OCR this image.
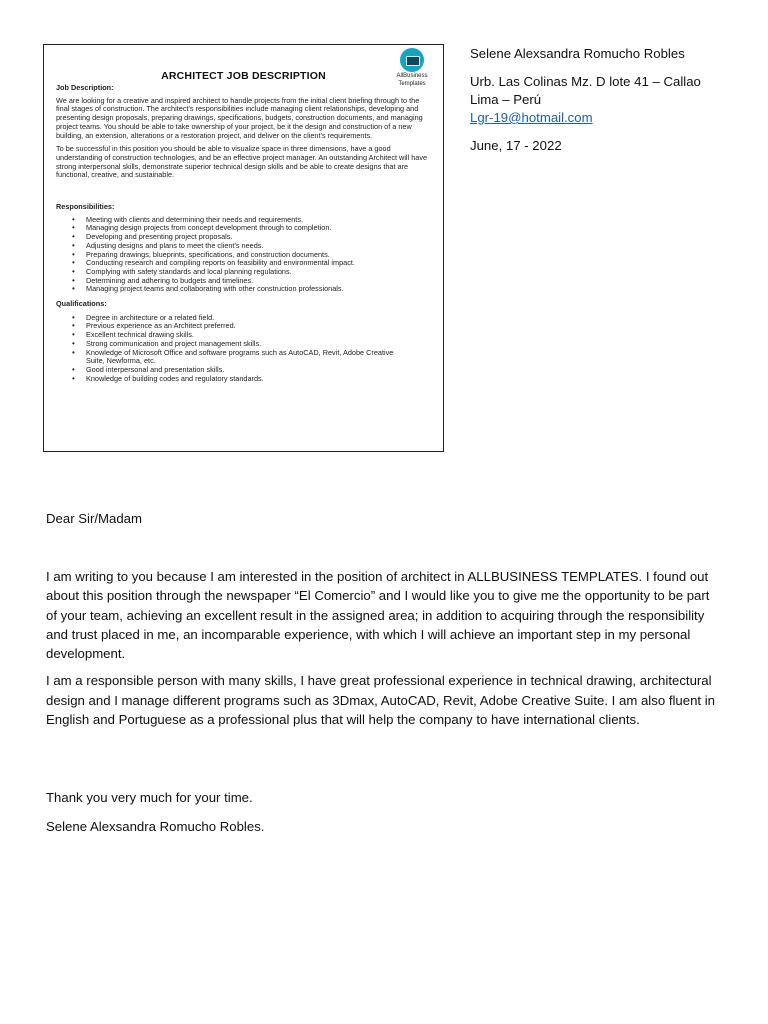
AllBusiness
Templates
ARCHITECT JOB DESCRIPTION

Job Description:

We are looking for a creative and inspired architect to handle projects from the initial client briefing through to the final stages of construction. The architect's responsibilities include managing client relationships, developing and presenting design proposals, preparing drawings, specifications, budgets, construction documents, and managing project teams. You should be able to take ownership of your project, be it the design and construction of a new building, an extension, alterations or a restoration project, and deliver on the client's requirements.

To be successful in this position you should be able to visualize space in three dimensions, have a good understanding of construction technologies, and be an effective project manager. An outstanding Architect will have strong interpersonal skills, demonstrate superior technical design skills and be able to create designs that are functional, creative, and sustainable.

Responsibilities:

• Meeting with clients and determining their needs and requirements.
• Managing design projects from concept development through to completion.
• Developing and presenting project proposals.
• Adjusting designs and plans to meet the client's needs.
• Preparing drawings, blueprints, specifications, and construction documents.
• Conducting research and compiling reports on feasibility and environmental impact.
• Complying with safety standards and local planning regulations.
• Determining and adhering to budgets and timelines.
• Managing project teams and collaborating with other construction professionals.

Qualifications:

• Degree in architecture or a related field.
• Previous experience as an Architect preferred.
• Excellent technical drawing skills.
• Strong communication and project management skills.
• Knowledge of Microsoft Office and software programs such as AutoCAD, Revit, Adobe Creative Suite, Newforma, etc.
• Good interpersonal and presentation skills.
• Knowledge of building codes and regulatory standards.
Selene Alexsandra Romucho Robles
Urb. Las Colinas Mz. D lote 41 – Callao
Lima – Perú
Lgr-19@hotmail.com
June, 17 - 2022
Dear Sir/Madam

I am writing to you because I am interested in the position of architect in ALLBUSINESS TEMPLATES. I found out about this position through the newspaper “El Comercio” and I would like you to give me the opportunity to be part of your team, achieving an excellent result in the assigned area; in addition to acquiring through the responsibility and trust placed in me, an incomparable experience, with which I will achieve an important step in my personal development.

I am a responsible person with many skills, I have great professional experience in technical drawing, architectural design and I manage different programs such as 3Dmax, AutoCAD, Revit, Adobe Creative Suite. I am also fluent in English and Portuguese as a professional plus that will help the company to have international clients.

Thank you very much for your time.
Selene Alexsandra Romucho Robles.
